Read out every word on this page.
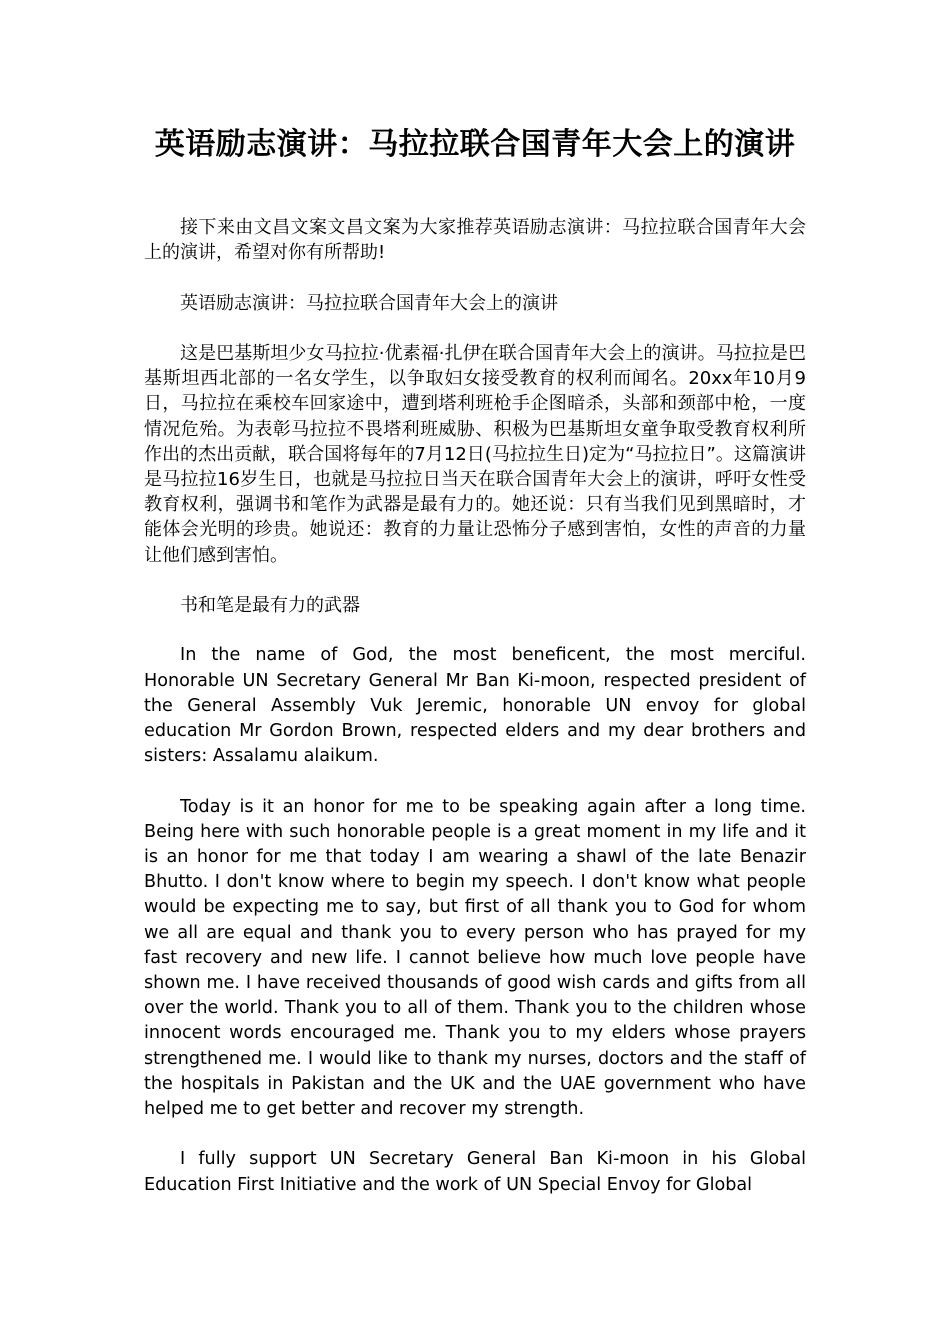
英语励志演讲：马拉拉联合国青年大会上的演讲

接下来由文昌文案文昌文案为大家推荐英语励志演讲：马拉拉联合国青年大会上的演讲，希望对你有所帮助!

英语励志演讲：马拉拉联合国青年大会上的演讲

这是巴基斯坦少女马拉拉·优素福·扎伊在联合国青年大会上的演讲。马拉拉是巴基斯坦西北部的一名女学生，以争取妇女接受教育的权利而闻名。20xx年10月9日，马拉拉在乘校车回家途中，遭到塔利班枪手企图暗杀，头部和颈部中枪，一度情况危殆。为表彰马拉拉不畏塔利班威胁、积极为巴基斯坦女童争取受教育权利所作出的杰出贡献，联合国将每年的7月12日(马拉拉生日)定为“马拉拉日”。这篇演讲是马拉拉16岁生日，也就是马拉拉日当天在联合国青年大会上的演讲，呼吁女性受教育权利，强调书和笔作为武器是最有力的。她还说：只有当我们见到黑暗时，才能体会光明的珍贵。她说还：教育的力量让恐怖分子感到害怕，女性的声音的力量让他们感到害怕。

书和笔是最有力的武器

In the name of God, the most beneficent, the most merciful. Honorable UN Secretary General Mr Ban Ki-moon, respected president of the General Assembly Vuk Jeremic, honorable UN envoy for global education Mr Gordon Brown, respected elders and my dear brothers and sisters: Assalamu alaikum.

Today is it an honor for me to be speaking again after a long time. Being here with such honorable people is a great moment in my life and it is an honor for me that today I am wearing a shawl of the late Benazir Bhutto. I don't know where to begin my speech. I don't know what people would be expecting me to say, but first of all thank you to God for whom we all are equal and thank you to every person who has prayed for my fast recovery and new life. I cannot believe how much love people have shown me. I have received thousands of good wish cards and gifts from all over the world. Thank you to all of them. Thank you to the children whose innocent words encouraged me. Thank you to my elders whose prayers strengthened me. I would like to thank my nurses, doctors and the staff of the hospitals in Pakistan and the UK and the UAE government who have helped me to get better and recover my strength.

I fully support UN Secretary General Ban Ki-moon in his Global Education First Initiative and the work of UN Special Envoy for Global
